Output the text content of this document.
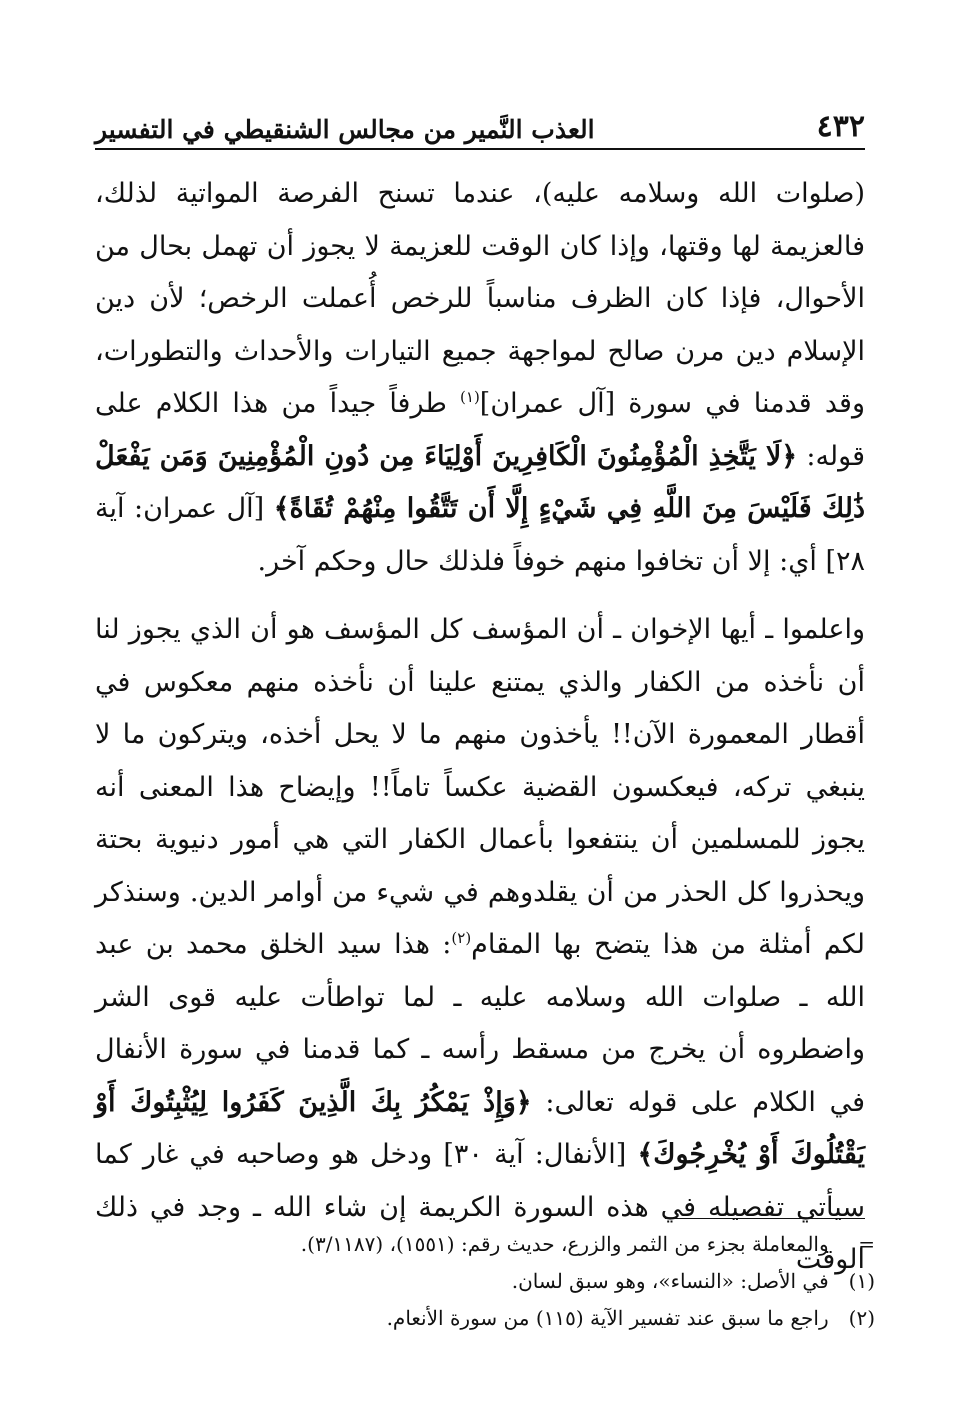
٤٣٢
العذب النَّمير من مجالس الشنقيطي في التفسير

(صلوات الله وسلامه عليه)، عندما تسنح الفرصة المواتية لذلك، فالعزيمة لها وقتها، وإذا كان الوقت للعزيمة لا يجوز أن تهمل بحال من الأحوال، فإذا كان الظرف مناسباً للرخص أُعملت الرخص؛ لأن دين الإسلام دين مرن صالح لمواجهة جميع التيارات والأحداث والتطورات، وقد قدمنا في سورة [آل عمران]$^{(١)}$ طرفاً جيداً من هذا الكلام على قوله: ﴿لَا يَتَّخِذِ الْمُؤْمِنُونَ الْكَافِرِينَ أَوْلِيَاءَ مِن دُونِ الْمُؤْمِنِينَ وَمَن يَفْعَلْ ذَٰلِكَ فَلَيْسَ مِنَ اللَّهِ فِي شَيْءٍ إِلَّا أَن تَتَّقُوا مِنْهُمْ تُقَاةً﴾ [آل عمران: آية ٢٨] أي: إلا أن تخافوا منهم خوفاً فلذلك حال وحكم آخر.

واعلموا ـ أيها الإخوان ـ أن المؤسف كل المؤسف هو أن الذي يجوز لنا أن نأخذه من الكفار والذي يمتنع علينا أن نأخذه منهم معكوس في أقطار المعمورة الآن!! يأخذون منهم ما لا يحل أخذه، ويتركون ما لا ينبغي تركه، فيعكسون القضية عكساً تاماً!! وإيضاح هذا المعنى أنه يجوز للمسلمين أن ينتفعوا بأعمال الكفار التي هي أمور دنيوية بحتة ويحذروا كل الحذر من أن يقلدوهم في شيء من أوامر الدين. وسنذكر لكم أمثلة من هذا يتضح بها المقام$^{(٢)}$: هذا سيد الخلق محمد بن عبد الله ـ صلوات الله وسلامه عليه ـ لما تواطأت عليه قوى الشر واضطروه أن يخرج من مسقط رأسه ـ كما قدمنا في سورة الأنفال في الكلام على قوله تعالى: ﴿وَإِذْ يَمْكُرُ بِكَ الَّذِينَ كَفَرُوا لِيُثْبِتُوكَ أَوْ يَقْتُلُوكَ أَوْ يُخْرِجُوكَ﴾ [الأنفال: آية ٣٠] ودخل هو وصاحبه في غار كما سيأتي تفصيله في هذه السورة الكريمة إن شاء الله ـ وجد في ذلك الوقت

= والمعاملة بجزء من الثمر والزرع، حديث رقم: (١٥٥١)، (٣/١١٨٧).

(١) في الأصل: «النساء»، وهو سبق لسان.

(٢) راجع ما سبق عند تفسير الآية (١١٥) من سورة الأنعام.
